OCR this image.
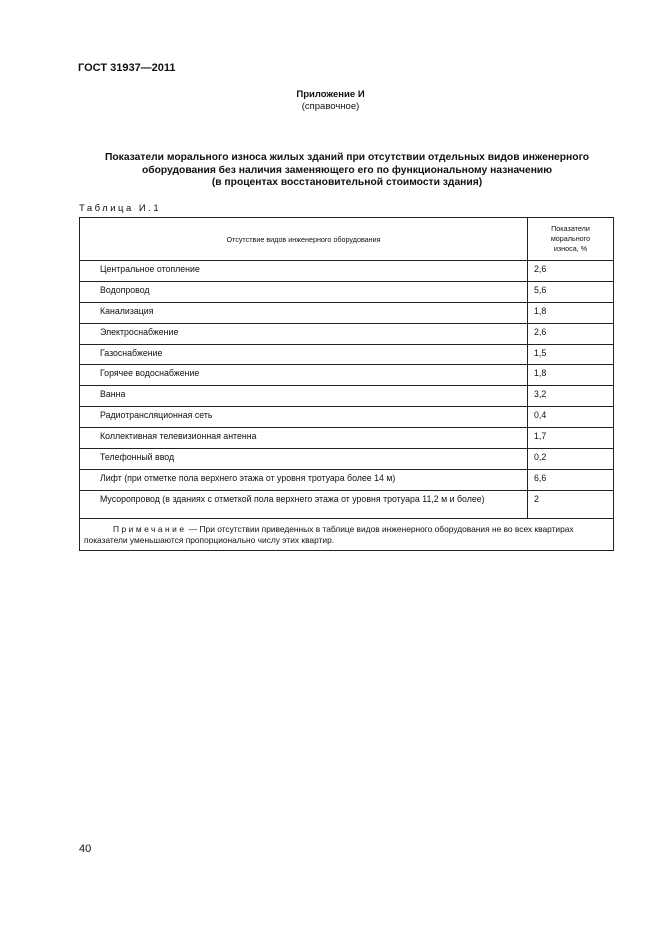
ГОСТ 31937—2011
Приложение И
(справочное)
Показатели морального износа жилых зданий при отсутствии отдельных видов инженерного
оборудования без наличия заменяющего его по функциональному назначению
(в процентах восстановительной стоимости здания)
Таблица И.1
Отсутствие видов инженерного оборудования	Показатели
морального
износа, %

Центральное отопление	2,6
Водопровод	5,6
Канализация	1,8
Электроснабжение	2,6
Газоснабжение	1,5
Горячее водоснабжение	1,8
Ванна	3,2
Радиотрансляционная сеть	0,4
Коллективная телевизионная антенна	1,7
Телефонный ввод	0,2
Лифт (при отметке пола верхнего этажа от уровня тротуара более 14 м)	6,6
Мусоропровод (в зданиях с отметкой пола верхнего этажа от уровня тротуара 11,2 м и более)	2
Примечание — При отсутствии приведенных в таблице видов инженерного оборудования не во всех квартирах показатели уменьшаются пропорционально числу этих квартир.	
40
